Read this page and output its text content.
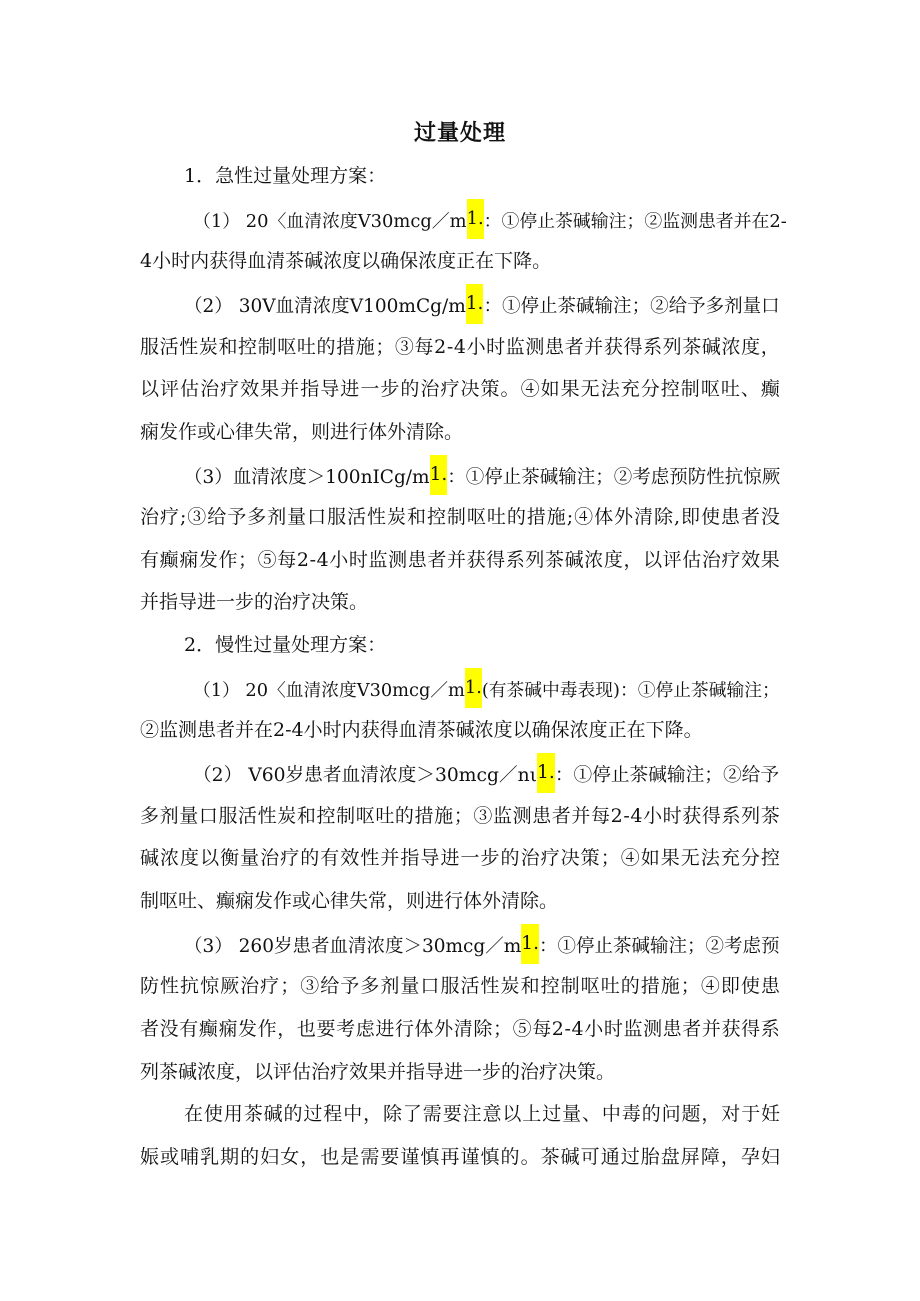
过量处理
1．急性过量处理方案：
（1） 20〈血清浓度V30mcg／m1.：①停止茶碱输注；②监测患者并在2-
4小时内获得血清茶碱浓度以确保浓度正在下降。
（2） 30V血清浓度V100mCg/m1.：①停止茶碱输注；②给予多剂量口
服活性炭和控制呕吐的措施；③每2-4小时监测患者并获得系列茶碱浓度，
以评估治疗效果并指导进一步的治疗决策。④如果无法充分控制呕吐、癫
痫发作或心律失常，则进行体外清除。
（3）血清浓度＞100nICg/m1.：①停止茶碱输注；②考虑预防性抗惊厥
治疗;③给予多剂量口服活性炭和控制呕吐的措施;④体外清除,即使患者没
有癫痫发作；⑤每2-4小时监测患者并获得系列茶碱浓度，以评估治疗效果
并指导进一步的治疗决策。
2．慢性过量处理方案：
（1） 20〈血清浓度V30mcg／m1.(有茶碱中毒表现)：①停止茶碱输注；
②监测患者并在2-4小时内获得血清茶碱浓度以确保浓度正在下降。
（2） V60岁患者血清浓度＞30mcg／nι1.：①停止茶碱输注；②给予
多剂量口服活性炭和控制呕吐的措施；③监测患者并每2-4小时获得系列茶
碱浓度以衡量治疗的有效性并指导进一步的治疗决策；④如果无法充分控
制呕吐、癫痫发作或心律失常，则进行体外清除。
（3） 260岁患者血清浓度＞30mcg／m1.：①停止茶碱输注；②考虑预
防性抗惊厥治疗；③给予多剂量口服活性炭和控制呕吐的措施；④即使患
者没有癫痫发作，也要考虑进行体外清除；⑤每2-4小时监测患者并获得系
列茶碱浓度，以评估治疗效果并指导进一步的治疗决策。
在使用茶碱的过程中，除了需要注意以上过量、中毒的问题，对于妊
娠或哺乳期的妇女，也是需要谨慎再谨慎的。茶碱可通过胎盘屏障，孕妇
